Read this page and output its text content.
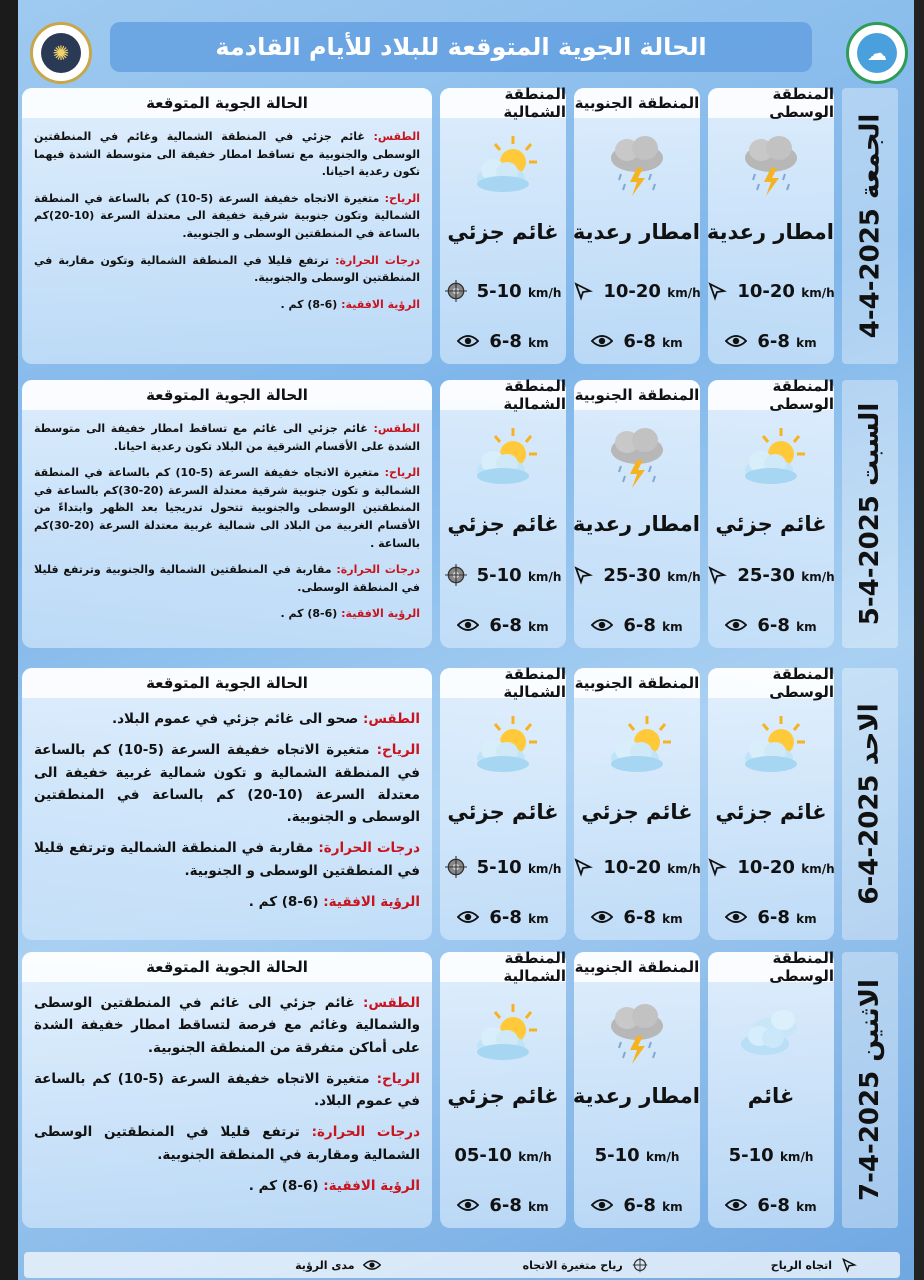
✺	☁
الحالة الجوية المتوقعة للبلاد للأيام القادمة
الجمعة 2025-4-4
المنطقة الوسطى
امطار رعدية
10-20 km/h
6-8 km
المنطقة الجنوبية
امطار رعدية
10-20 km/h
6-8 km
المنطقة الشمالية
غائم جزئي
5-10 km/h
6-8 km
الحالة الجوية المتوقعة

الطقس: غائم جزئي في المنطقة الشمالية وغائم في المنطقتين الوسطى والجنوبية مع تساقط امطار خفيفة الى متوسطة الشدة فيهما تكون رعدية احيانا.

الرياح: متغيرة الاتجاه خفيفة السرعة (5-10) كم بالساعة في المنطقة الشمالية وتكون جنوبية شرقية خفيفة الى معتدلة السرعة (10-20)كم بالساعة في المنطقتين الوسطى و الجنوبية.

درجات الحرارة: ترتفع قليلا في المنطقة الشمالية وتكون مقاربة في المنطقتين الوسطى والجنوبية.

الرؤية الافقية: (6-8) كم .

السبت 2025-4-5
المنطقة الوسطى
غائم جزئي
25-30 km/h
6-8 km
المنطقة الجنوبية
امطار رعدية
25-30 km/h
6-8 km
المنطقة الشمالية
غائم جزئي
5-10 km/h
6-8 km
الحالة الجوية المتوقعة

الطقس: غائم جزئي الى غائم مع تساقط امطار خفيفة الى متوسطة الشدة على الأقسام الشرقية من البلاد تكون رعدية احيانا.

الرياح: متغيرة الاتجاه خفيفة السرعة (5-10) كم بالساعة في المنطقة الشمالية و تكون جنوبية شرقية معتدلة السرعة (20-30)كم بالساعة في المنطقتين الوسطى والجنوبية تتحول تدريجيا بعد الظهر وابتداءً من الأقسام الغربية من البلاد الى شمالية غربية معتدلة السرعة (20-30)كم بالساعة .

درجات الحرارة: مقاربة في المنطقتين الشمالية والجنوبية وترتفع قليلا في المنطقة الوسطى.

الرؤية الافقية: (6-8) كم .

الاحد 2025-4-6
المنطقة الوسطى
غائم جزئي
10-20 km/h
6-8 km
المنطقة الجنوبية
غائم جزئي
10-20 km/h
6-8 km
المنطقة الشمالية
غائم جزئي
5-10 km/h
6-8 km
الحالة الجوية المتوقعة

الطقس: صحو الى غائم جزئي في عموم البلاد.

الرياح: متغيرة الاتجاه خفيفة السرعة (5-10) كم بالساعة في المنطقة الشمالية و تكون شمالية غربية خفيفة الى معتدلة السرعة (10-20) كم بالساعة في المنطقتين الوسطى و الجنوبية.

درجات الحرارة: مقاربة في المنطقة الشمالية وترتفع قليلا في المنطقتين الوسطى و الجنوبية.

الرؤية الافقية: (6-8) كم .

الاثنين 2025-4-7
المنطقة الوسطى
غائم
5-10 km/h
6-8 km
المنطقة الجنوبية
امطار رعدية
5-10 km/h
6-8 km
المنطقة الشمالية
غائم جزئي
05-10 km/h
6-8 km
الحالة الجوية المتوقعة

الطقس: غائم جزئي الى غائم في المنطقتين الوسطى والشمالية وغائم مع فرصة لتساقط امطار خفيفة الشدة على أماكن متفرقة من المنطقة الجنوبية.

الرياح: متغيرة الاتجاه خفيفة السرعة (5-10) كم بالساعة في عموم البلاد.

درجات الحرارة: ترتفع قليلا في المنطقتين الوسطى الشمالية ومقاربة في المنطقة الجنوبية.

الرؤية الافقية: (6-8) كم .

اتجاه الرياح
رياح متغيرة الاتجاه
مدى الرؤية
